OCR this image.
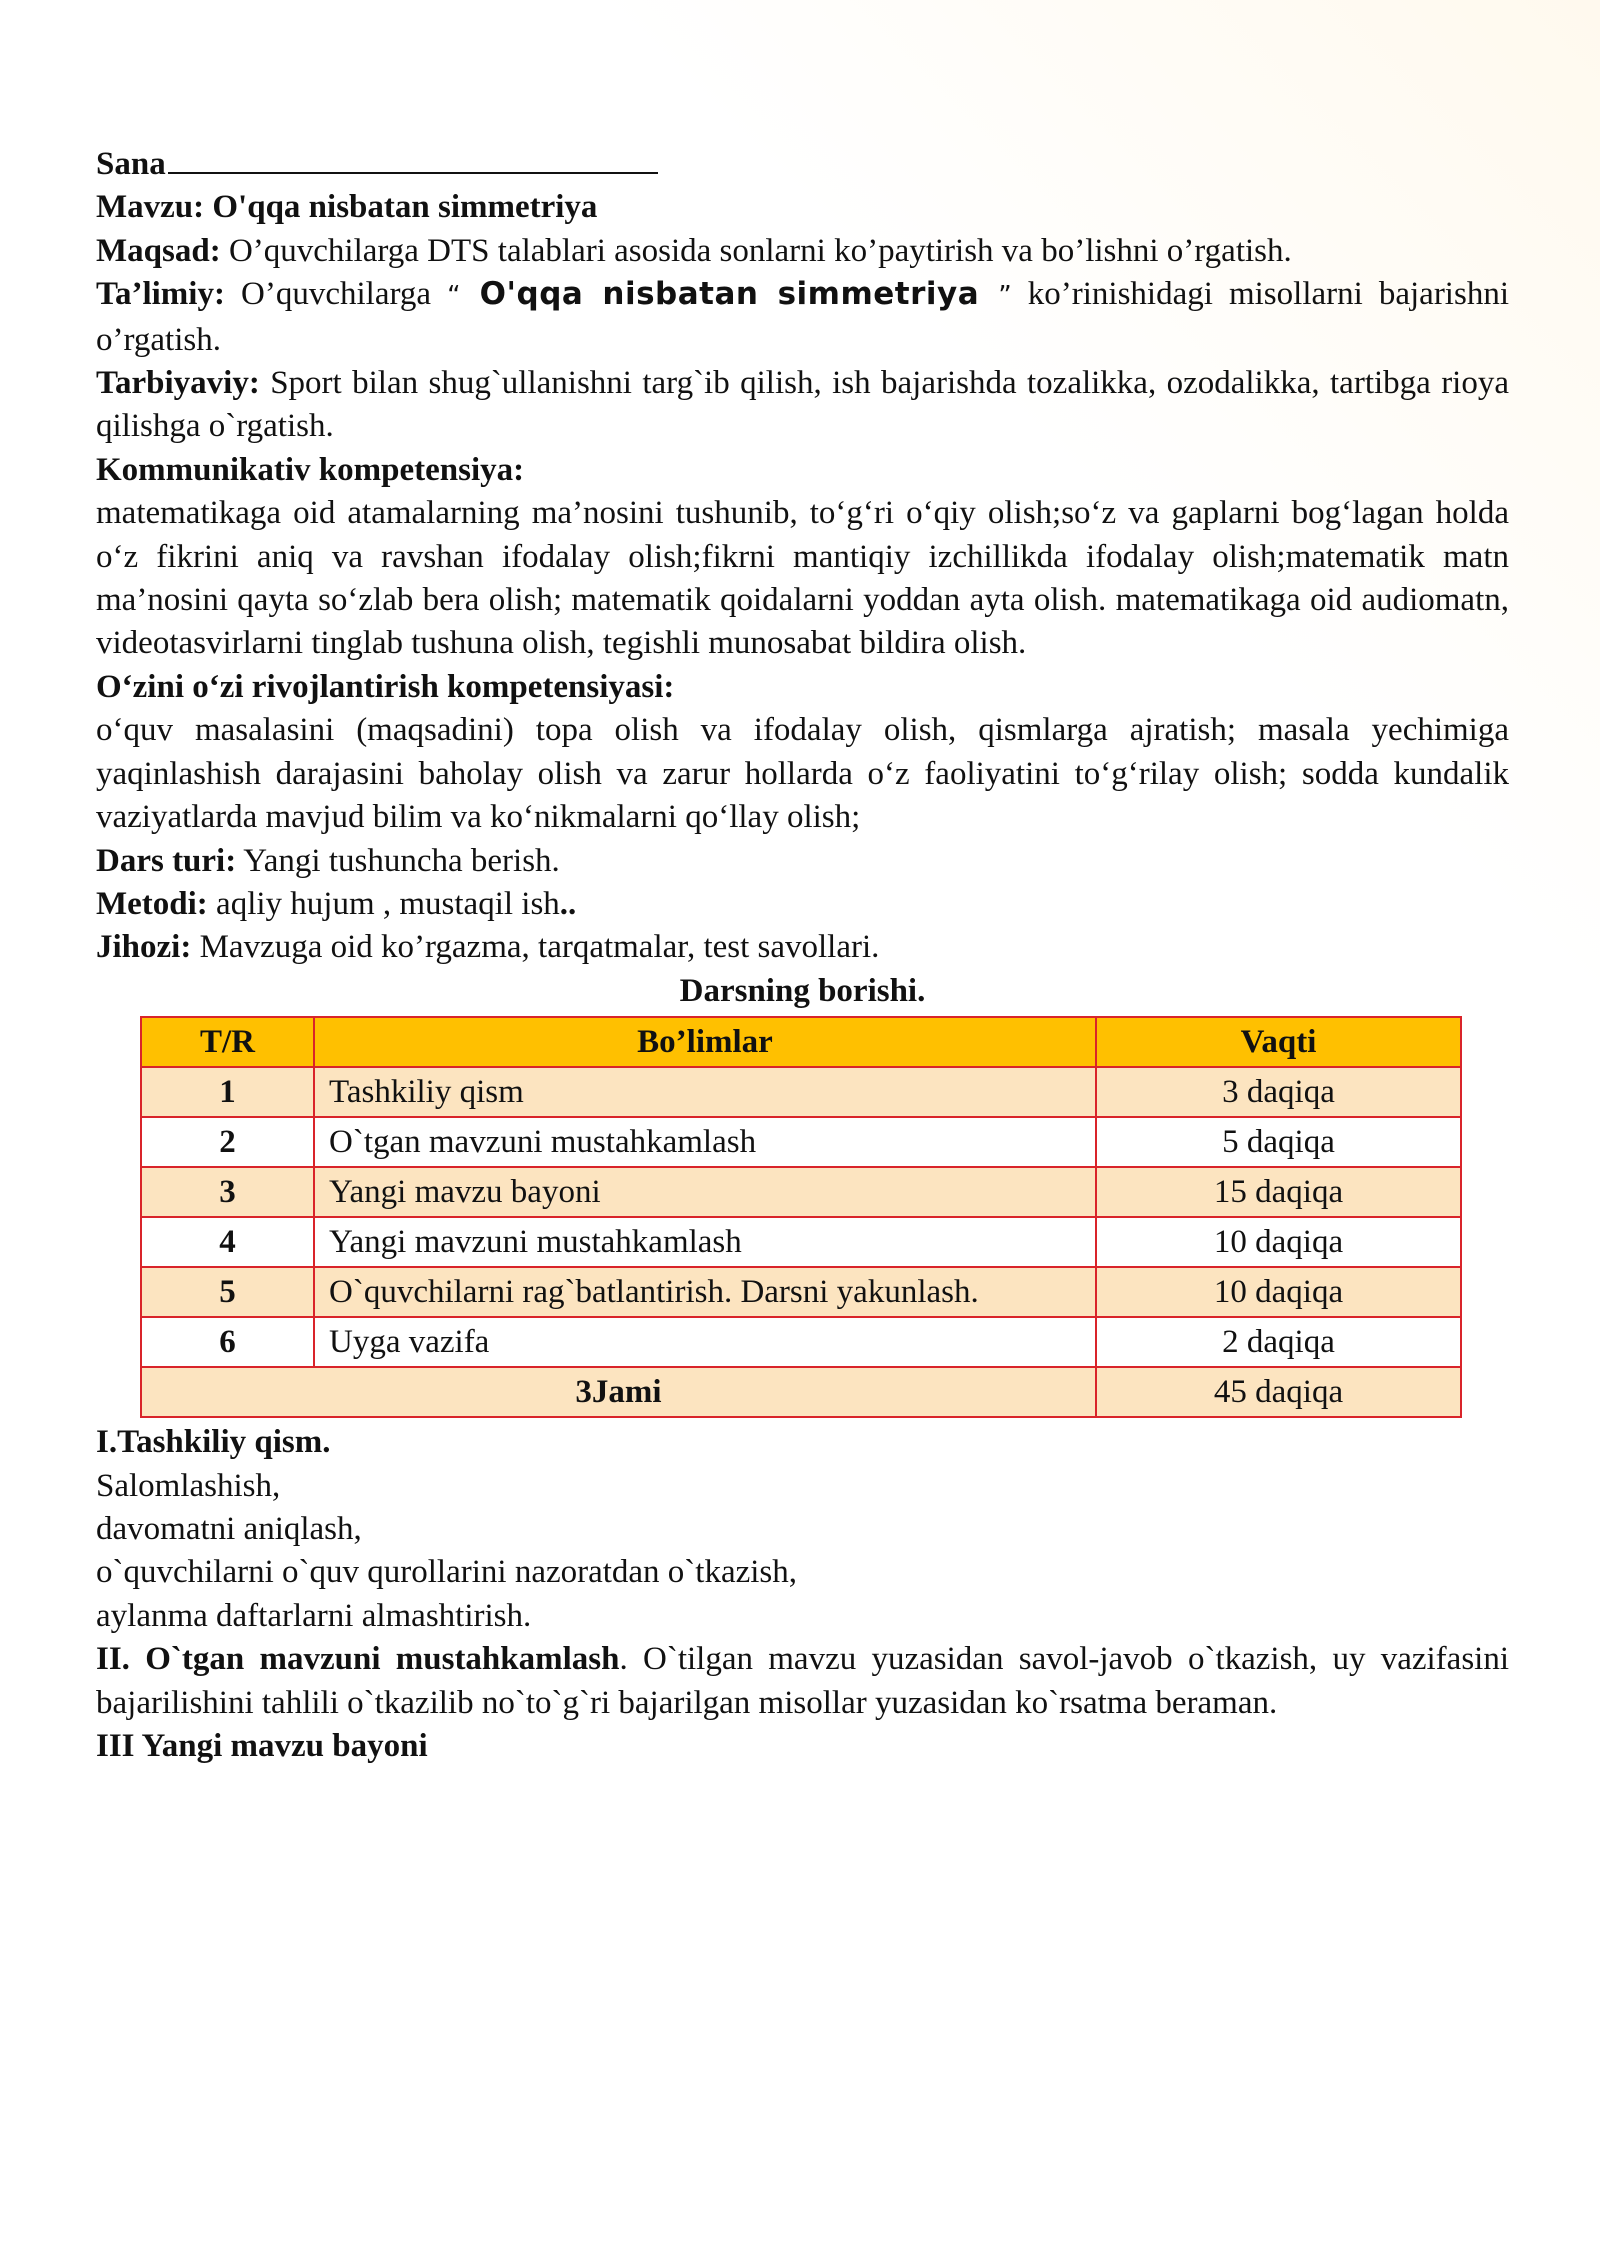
Sana

Mavzu: O'qqa nisbatan simmetriya

Maqsad: O’quvchilarga DTS talablari asosida sonlarni ko’paytirish va bo’lishni o’rgatish.

Ta’limiy: O’quvchilarga “ O'qqa nisbatan simmetriya ” ko’rinishidagi misollarni bajarishni o’rgatish.

Tarbiyaviy: Sport bilan shug`ullanishni targ`ib qilish, ish bajarishda tozalikka, ozodalikka, tartibga rioya qilishga o`rgatish.

Kommunikativ kompetensiya:

matematikaga oid atamalarning ma’nosini tushunib, to‘g‘ri o‘qiy olish;so‘z va gaplarni bog‘lagan holda o‘z fikrini aniq va ravshan ifodalay olish;fikrni mantiqiy izchillikda ifodalay olish;matematik matn ma’nosini qayta so‘zlab bera olish; matematik qoidalarni yoddan ayta olish. matematikaga oid audiomatn, videotasvirlarni tinglab tushuna olish, tegishli munosabat bildira olish.

O‘zini o‘zi rivojlantirish kompetensiyasi:

o‘quv masalasini (maqsadini) topa olish va ifodalay olish, qismlarga ajratish; masala yechimiga yaqinlashish darajasini baholay olish va zarur hollarda o‘z faoliyatini to‘g‘rilay olish; sodda kundalik vaziyatlarda mavjud bilim va ko‘nikmalarni qo‘llay olish;

Dars turi: Yangi tushuncha berish.

Metodi: aqliy hujum , mustaqil ish..

Jihozi: Mavzuga oid ko’rgazma, tarqatmalar, test savollari.

Darsning borishi.

T/R	Bo’limlar	Vaqti
1	Tashkiliy qism	3 daqiqa
2	O`tgan mavzuni mustahkamlash	5 daqiqa
3	Yangi mavzu bayoni	15 daqiqa
4	Yangi mavzuni mustahkamlash	10 daqiqa
5	O`quvchilarni rag`batlantirish. Darsni yakunlash.	10 daqiqa
6	Uyga vazifa	2 daqiqa
3Jami		45 daqiqa

I.Tashkiliy qism.

Salomlashish,

davomatni aniqlash,

o`quvchilarni o`quv qurollarini nazoratdan o`tkazish,

aylanma daftarlarni almashtirish.

II. O`tgan mavzuni mustahkamlash. O`tilgan mavzu yuzasidan savol-javob o`tkazish, uy vazifasini bajarilishini tahlili o`tkazilib no`to`g`ri bajarilgan misollar yuzasidan ko`rsatma beraman.

III Yangi mavzu bayoni
